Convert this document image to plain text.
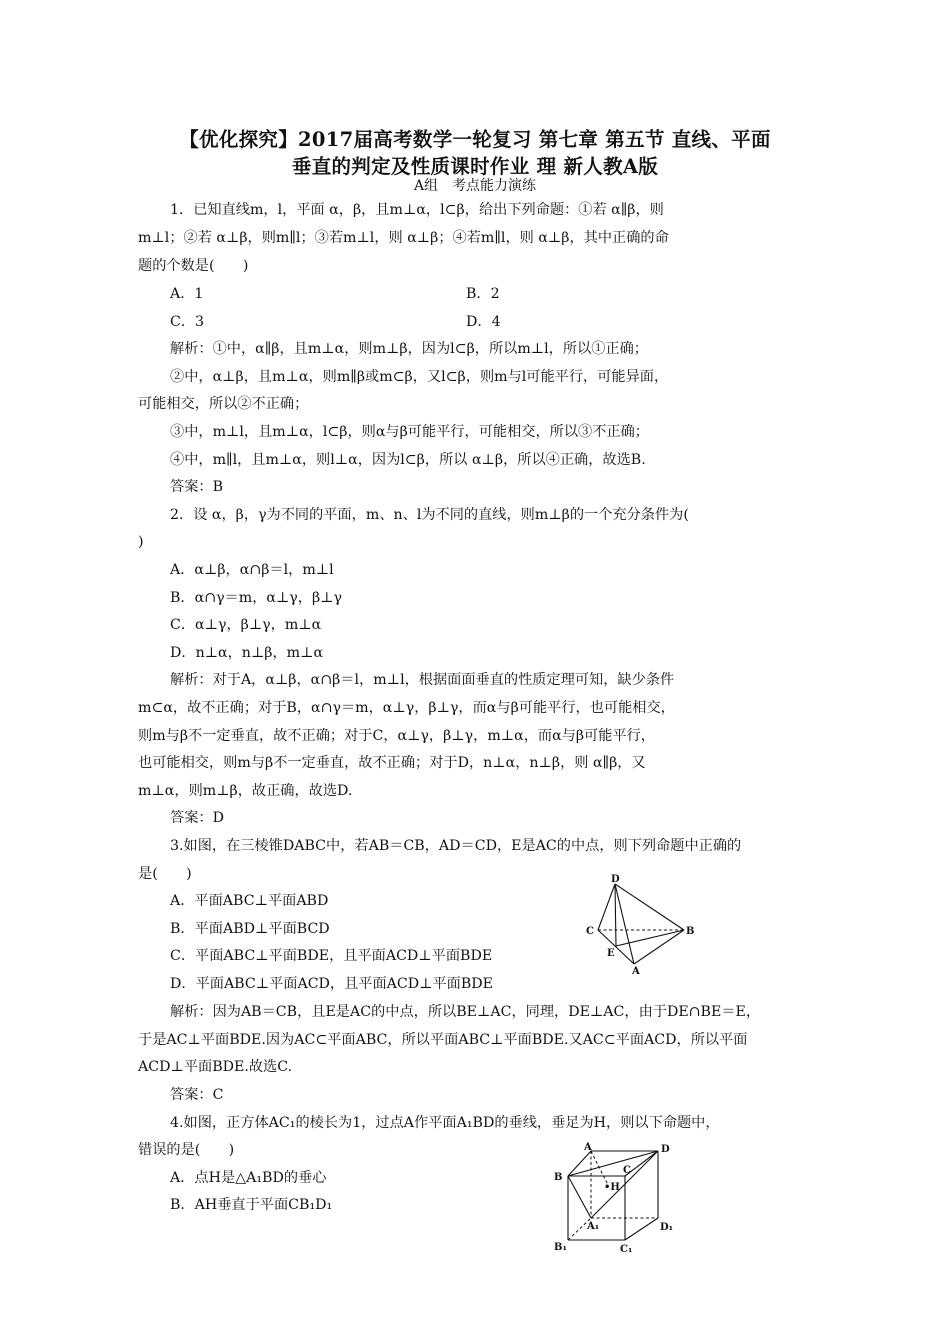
【优化探究】2017届高考数学一轮复习 第七章 第五节 直线、平面
垂直的判定及性质课时作业 理 新人教A版
A组　考点能力演练
1．已知直线m，l，平面 α，β，且m⊥α，l⊂β，给出下列命题：①若 α∥β，则
m⊥l；②若 α⊥β，则m∥l；③若m⊥l，则 α⊥β；④若m∥l，则 α⊥β，其中正确的命
题的个数是(　　)
A．1	B．2
C．3	D．4
解析：①中，α∥β，且m⊥α，则m⊥β，因为l⊂β，所以m⊥l，所以①正确；
②中，α⊥β，且m⊥α，则m∥β或m⊂β，又l⊂β，则m与l可能平行，可能异面，
可能相交，所以②不正确；
③中，m⊥l，且m⊥α，l⊂β，则α与β可能平行，可能相交，所以③不正确；
④中，m∥l，且m⊥α，则l⊥α，因为l⊂β，所以 α⊥β，所以④正确，故选B.
答案：B
2．设 α，β，γ为不同的平面，m、n、l为不同的直线，则m⊥β的一个充分条件为(
)
A．α⊥β，α∩β＝l，m⊥l
B．α∩γ＝m，α⊥γ，β⊥γ
C．α⊥γ，β⊥γ，m⊥α
D．n⊥α，n⊥β，m⊥α
解析：对于A，α⊥β，α∩β＝l，m⊥l，根据面面垂直的性质定理可知，缺少条件
m⊂α，故不正确；对于B，α∩γ＝m，α⊥γ，β⊥γ，而α与β可能平行，也可能相交，
则m与β不一定垂直，故不正确；对于C，α⊥γ，β⊥γ，m⊥α，而α与β可能平行，
也可能相交，则m与β不一定垂直，故不正确；对于D，n⊥α，n⊥β，则 α∥β，又
m⊥α，则m⊥β，故正确，故选D.
答案：D
3.如图，在三棱锥DABC中，若AB＝CB，AD＝CD，E是AC的中点，则下列命题中正确的
是(　　)
A．平面ABC⊥平面ABD
B．平面ABD⊥平面BCD
C．平面ABC⊥平面BDE，且平面ACD⊥平面BDE
D．平面ABC⊥平面ACD，且平面ACD⊥平面BDE
D
C	B
E
A
解析：因为AB＝CB，且E是AC的中点，所以BE⊥AC，同理，DE⊥AC，由于DE∩BE＝E，
于是AC⊥平面BDE.因为AC⊂平面ABC，所以平面ABC⊥平面BDE.又AC⊂平面ACD，所以平面
ACD⊥平面BDE.故选C.
答案：C
4.如图，正方体AC₁的棱长为1，过点A作平面A₁BD的垂线，垂足为H，则以下命题中，
错误的是(　　)
A．点H是△A₁BD的垂心
B．AH垂直于平面CB₁D₁
A	D
B
C
•H
A₁	D₁
B₁	C₁
